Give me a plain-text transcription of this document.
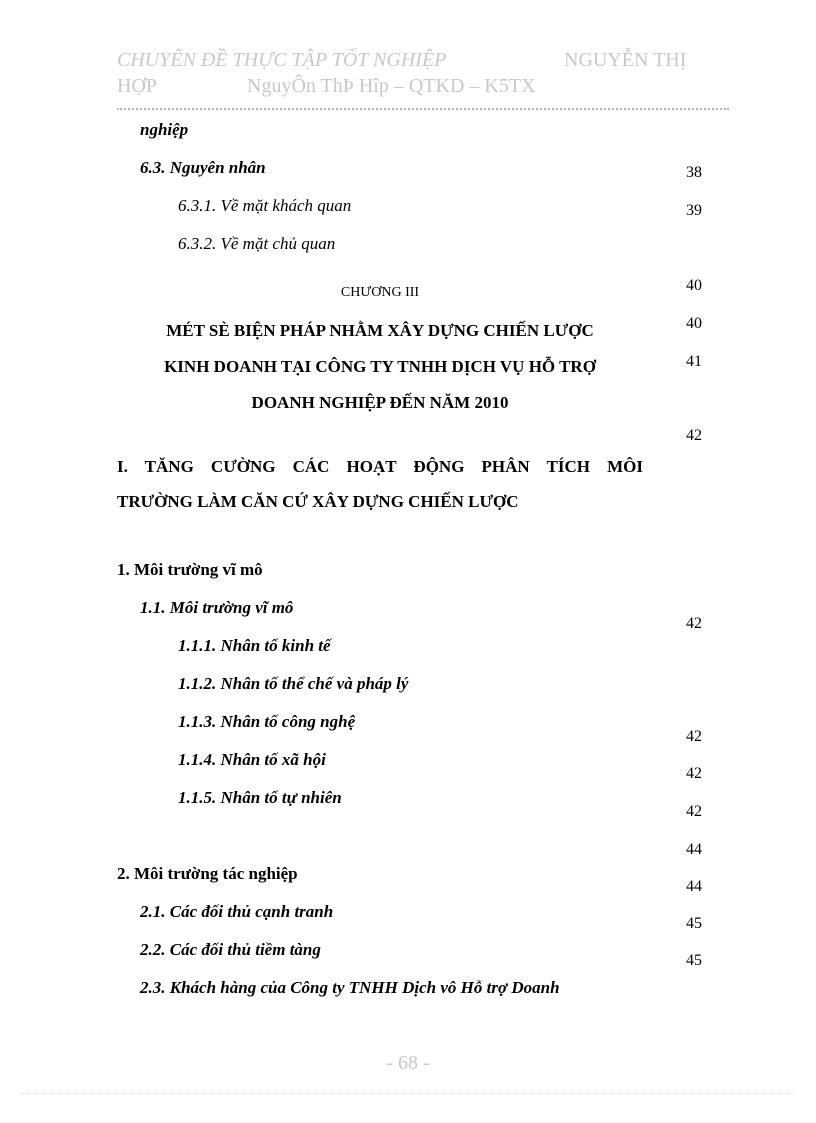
CHUYÊN ĐỀ THỰC TẬP TỐT NGHIỆP	NGUYỄN THỊ
HỢP	NguyÔn ThÞ Hîp – QTKD – K5TX
nghiệp
6.3. Nguyên nhân
6.3.1. Về mặt khách quan
6.3.2. Về mặt chủ quan
CHƯƠNG III
MÉT SÈ BIỆN PHÁP NHẰM XÂY DỰNG CHIẾN LƯỢC
KINH DOANH TẠI CÔNG TY TNHH DỊCH VỤ HỖ TRỢ
DOANH NGHIỆP ĐẾN NĂM 2010
I. TĂNG CƯỜNG CÁC HOẠT ĐỘNG PHÂN TÍCH MÔI
TRƯỜNG LÀM CĂN CỨ XÂY DỰNG CHIẾN LƯỢC
1. Môi trường vĩ mô
1.1. Môi trường vĩ mô
1.1.1. Nhân tố kinh tế
1.1.2. Nhân tố thể chế và pháp lý
1.1.3. Nhân tố công nghệ
1.1.4. Nhân tố xã hội
1.1.5. Nhân tố tự nhiên
2. Môi trường tác nghiệp
2.1. Các đối thủ cạnh tranh
2.2. Các đối thủ tiềm tàng
2.3. Khách hàng của Công ty TNHH Dịch vô Hỗ trợ Doanh
38
39
40
40
41
42
42
42
42
42
44
44
45
45
- 68 -
